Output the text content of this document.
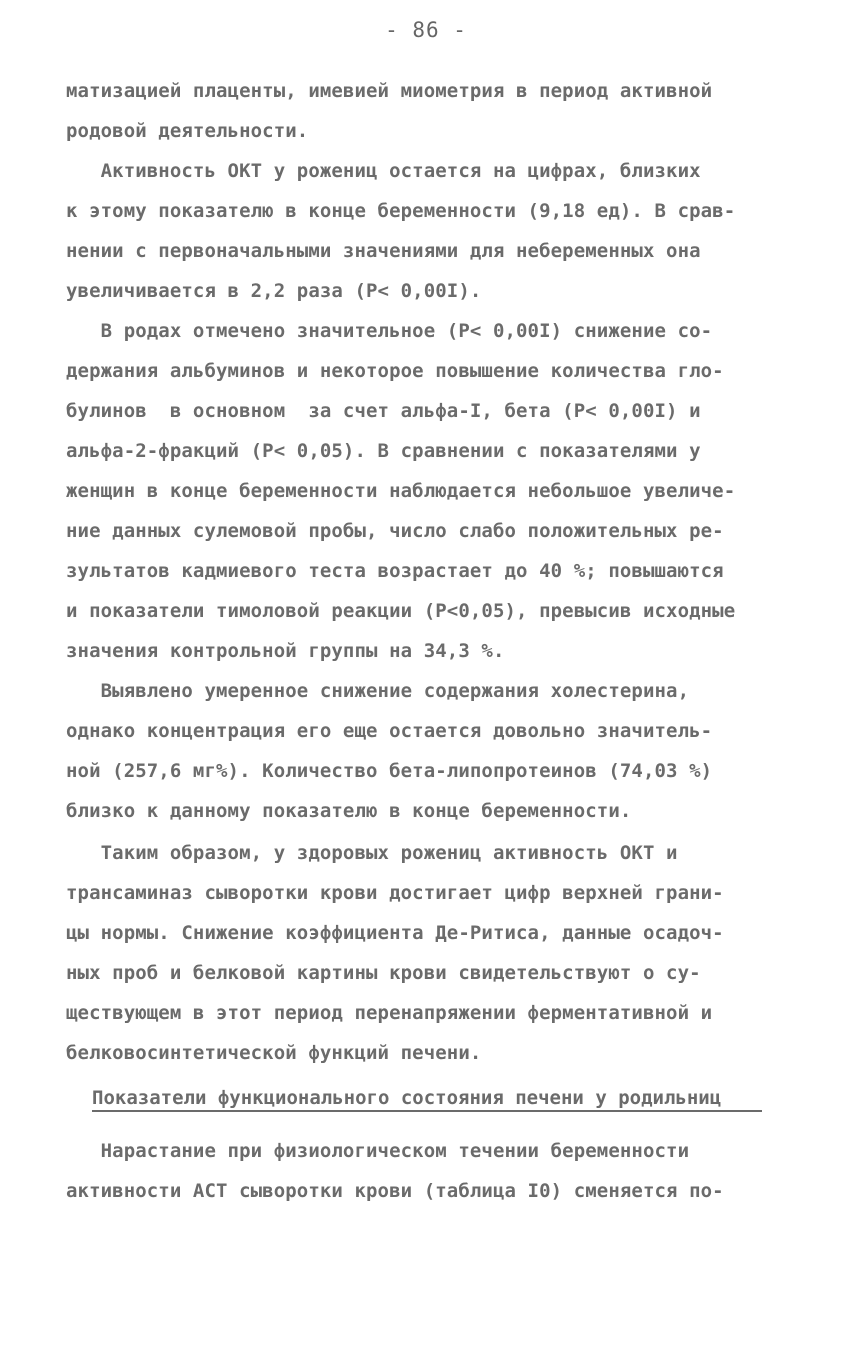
- 86 -
матизацией плаценты, имевией миометрия в период активной
родовой деятельности.
Активность ОКТ у рожениц остается на цифрах, близких
к этому показателю в конце беременности (9,18 ед). В срав-
нении с первоначальными значениями для небеременных она
увеличивается в 2,2 раза (Р< 0,00I).
В родах отмечено значительное (Р< 0,00I) снижение со-
держания альбуминов и некоторое повышение количества гло-
булинов  в основном  за счет альфа-I, бета (Р< 0,00I) и
альфа-2-фракций (Р< 0,05). В сравнении с показателями у
женщин в конце беременности наблюдается небольшое увеличе-
ние данных сулемовой пробы, число слабо положительных ре-
зультатов кадмиевого теста возрастает до 40 %; повышаются
и показатели тимоловой реакции (Р<0,05), превысив исходные
значения контрольной группы на 34,3 %.
Выявлено умеренное снижение содержания холестерина,
однако концентрация его еще остается довольно значитель-
ной (257,6 мг%). Количество бета-липопротеинов (74,03 %)
близко к данному показателю в конце беременности.
Таким образом, у здоровых рожениц активность ОКТ и
трансаминаз сыворотки крови достигает цифр верхней грани-
цы нормы. Снижение коэффициента Де-Ритиса, данные осадоч-
ных проб и белковой картины крови свидетельствуют о су-
ществующем в этот период перенапряжении ферментативной и
белковосинтетической функций печени.
Показатели функционального состояния печени у родильниц
Нарастание при физиологическом течении беременности
активности АСТ сыворотки крови (таблица I0) сменяется по-
